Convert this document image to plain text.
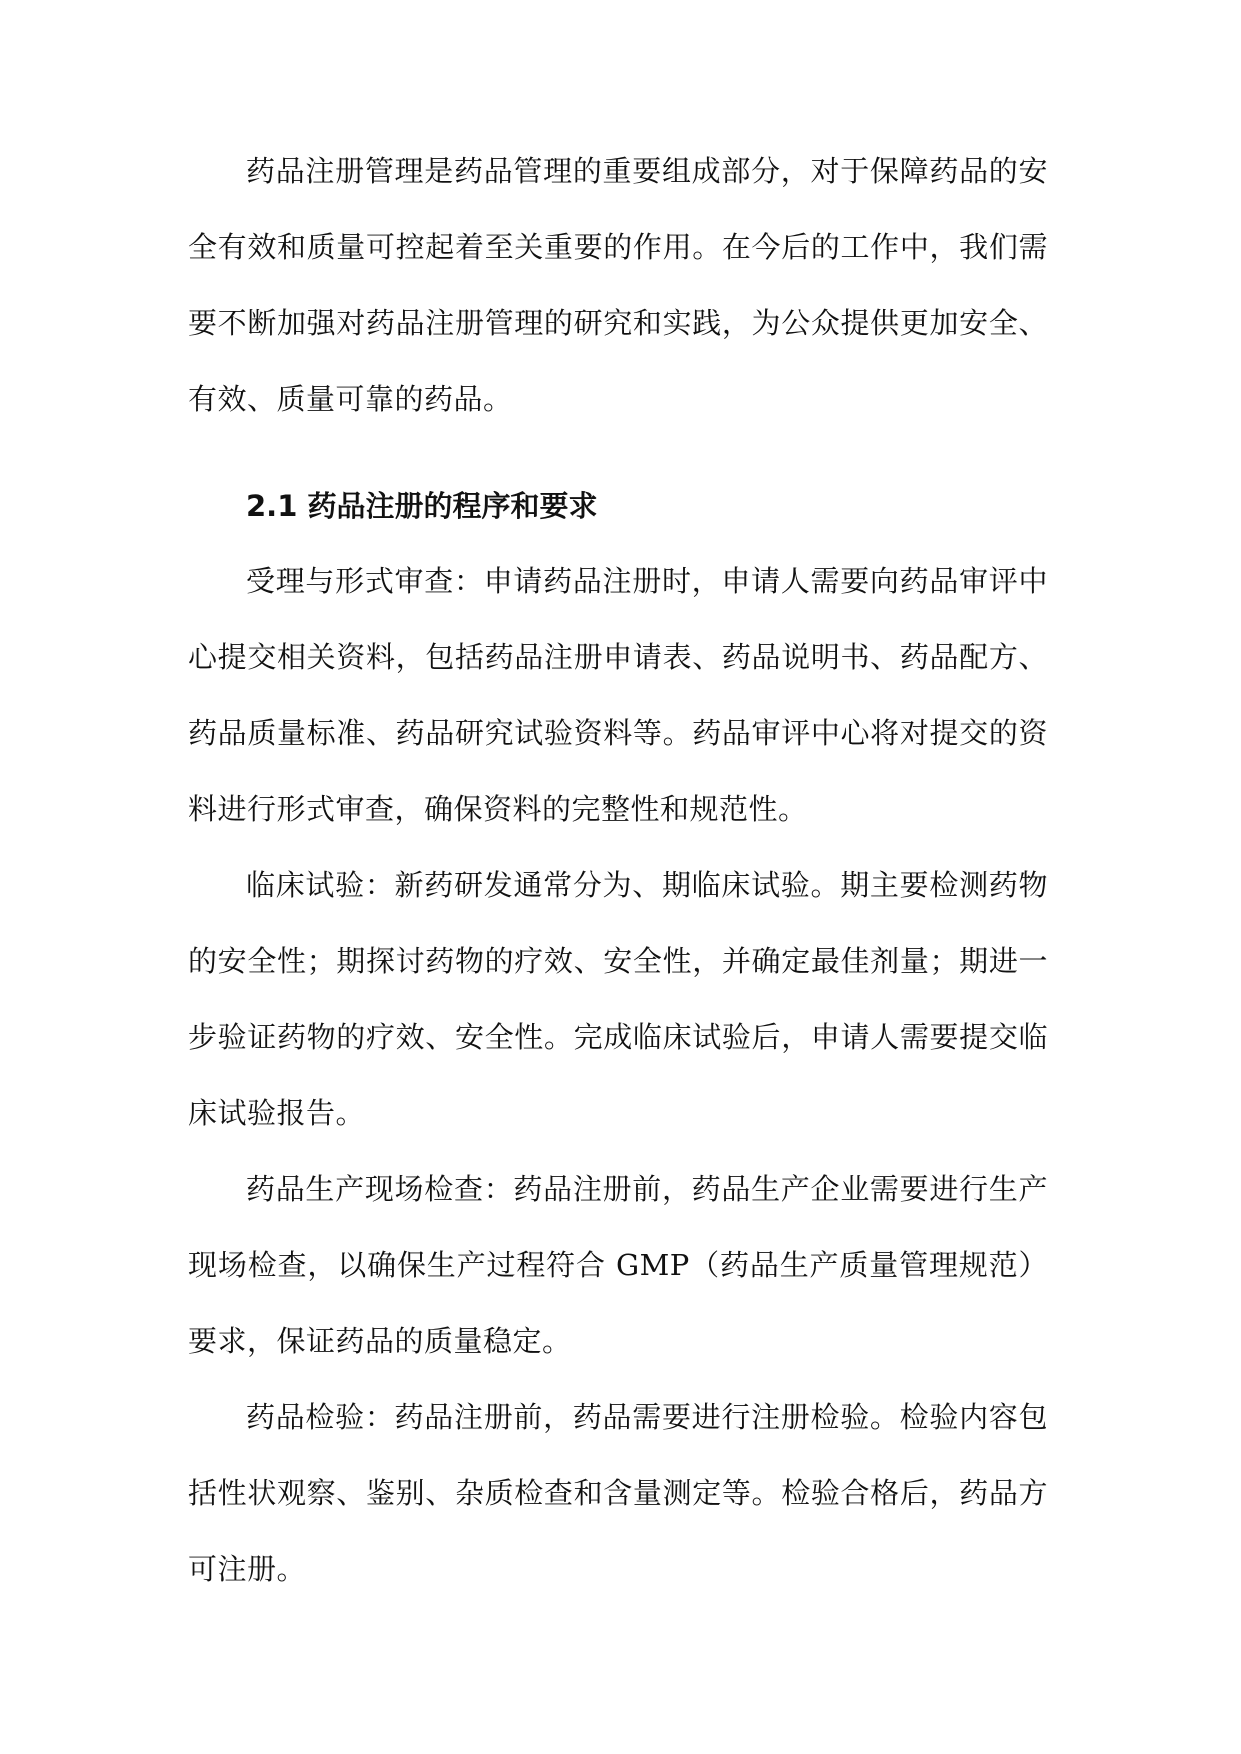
药品注册管理是药品管理的重要组成部分，对于保障药品的安全有效和质量可控起着至关重要的作用。在今后的工作中，我们需要不断加强对药品注册管理的研究和实践，为公众提供更加安全、有效、质量可靠的药品。

2.1 药品注册的程序和要求

受理与形式审查：申请药品注册时，申请人需要向药品审评中心提交相关资料，包括药品注册申请表、药品说明书、药品配方、药品质量标准、药品研究试验资料等。药品审评中心将对提交的资料进行形式审查，确保资料的完整性和规范性。

临床试验：新药研发通常分为、期临床试验。期主要检测药物的安全性；期探讨药物的疗效、安全性，并确定最佳剂量；期进一步验证药物的疗效、安全性。完成临床试验后，申请人需要提交临床试验报告。

药品生产现场检查：药品注册前，药品生产企业需要进行生产现场检查，以确保生产过程符合 GMP（药品生产质量管理规范）要求，保证药品的质量稳定。

药品检验：药品注册前，药品需要进行注册检验。检验内容包括性状观察、鉴别、杂质检查和含量测定等。检验合格后，药品方可注册。
